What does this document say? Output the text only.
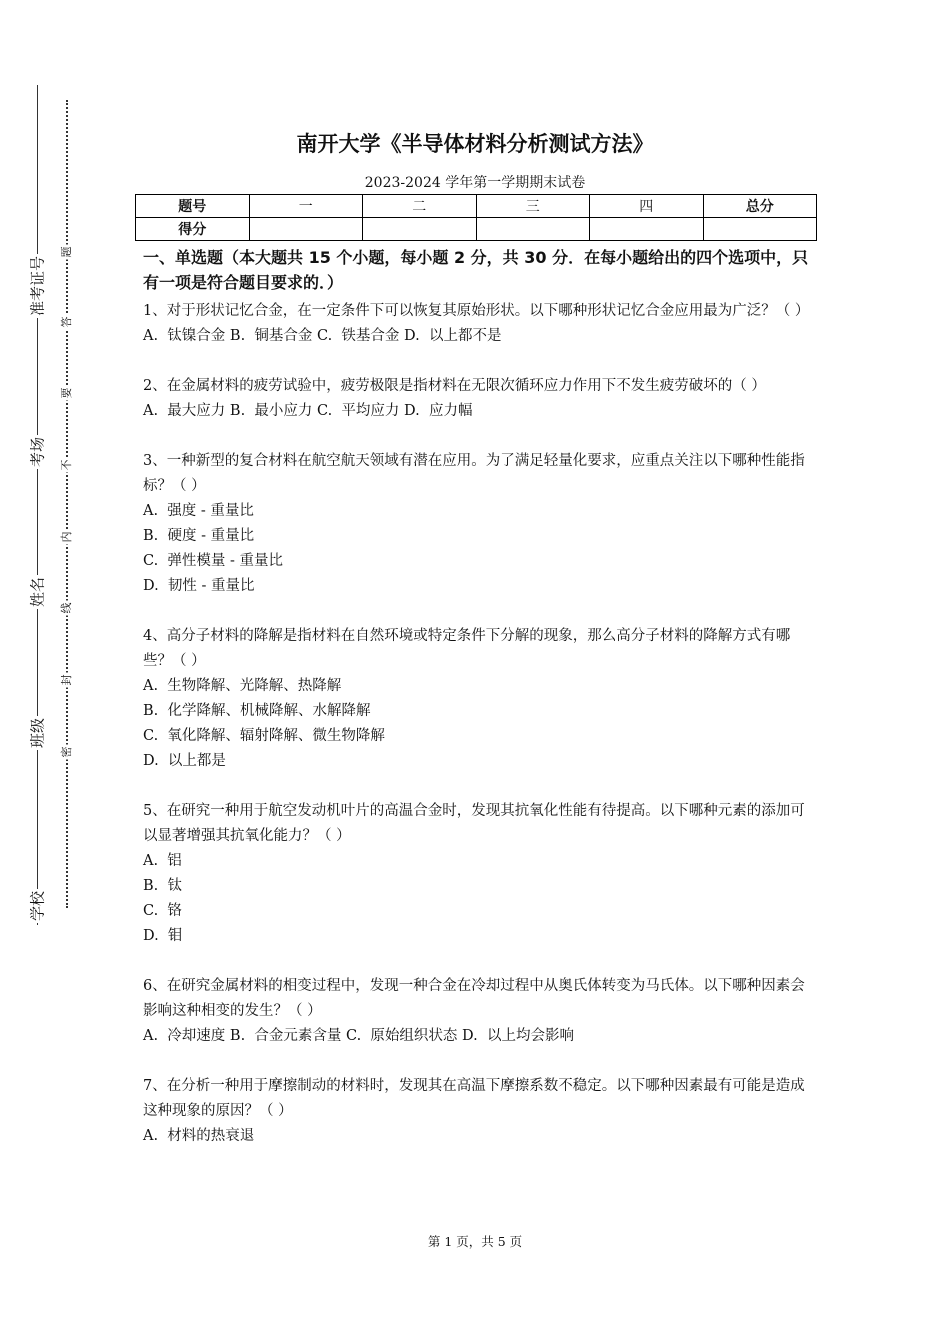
准考证号
考场
姓名
班级
学校
题
答
要
不
内
线
封
密
南开大学《半导体材料分析测试方法》
2023-2024 学年第一学期期末试卷
题号	一	二	三	四	总分
得分					

一、单选题（本大题共 15 个小题，每小题 2 分，共 30 分．在每小题给出的四个选项中，只有一项是符合题目要求的．）

1、对于形状记忆合金，在一定条件下可以恢复其原始形状。以下哪种形状记忆合金应用最为广泛？（ ）

A.  钛镍合金 B.  铜基合金 C.  铁基合金 D.  以上都不是

2、在金属材料的疲劳试验中，疲劳极限是指材料在无限次循环应力作用下不发生疲劳破坏的（ ）

A.  最大应力 B.  最小应力 C.  平均应力 D.  应力幅

3、一种新型的复合材料在航空航天领域有潜在应用。为了满足轻量化要求，应重点关注以下哪种性能指标？（ ）

A.  强度 - 重量比

B.  硬度 - 重量比

C.  弹性模量 - 重量比

D.  韧性 - 重量比

4、高分子材料的降解是指材料在自然环境或特定条件下分解的现象，那么高分子材料的降解方式有哪些？（ ）

A.  生物降解、光降解、热降解

B.  化学降解、机械降解、水解降解

C.  氧化降解、辐射降解、微生物降解

D.  以上都是

5、在研究一种用于航空发动机叶片的高温合金时，发现其抗氧化性能有待提高。以下哪种元素的添加可以显著增强其抗氧化能力？（ ）

A.  铝

B.  钛

C.  铬

D.  钼

6、在研究金属材料的相变过程中，发现一种合金在冷却过程中从奥氏体转变为马氏体。以下哪种因素会影响这种相变的发生？（ ）

A.  冷却速度 B.  合金元素含量 C.  原始组织状态 D.  以上均会影响

7、在分析一种用于摩擦制动的材料时，发现其在高温下摩擦系数不稳定。以下哪种因素最有可能是造成这种现象的原因？（ ）

A.  材料的热衰退

第 1 页，共 5 页
